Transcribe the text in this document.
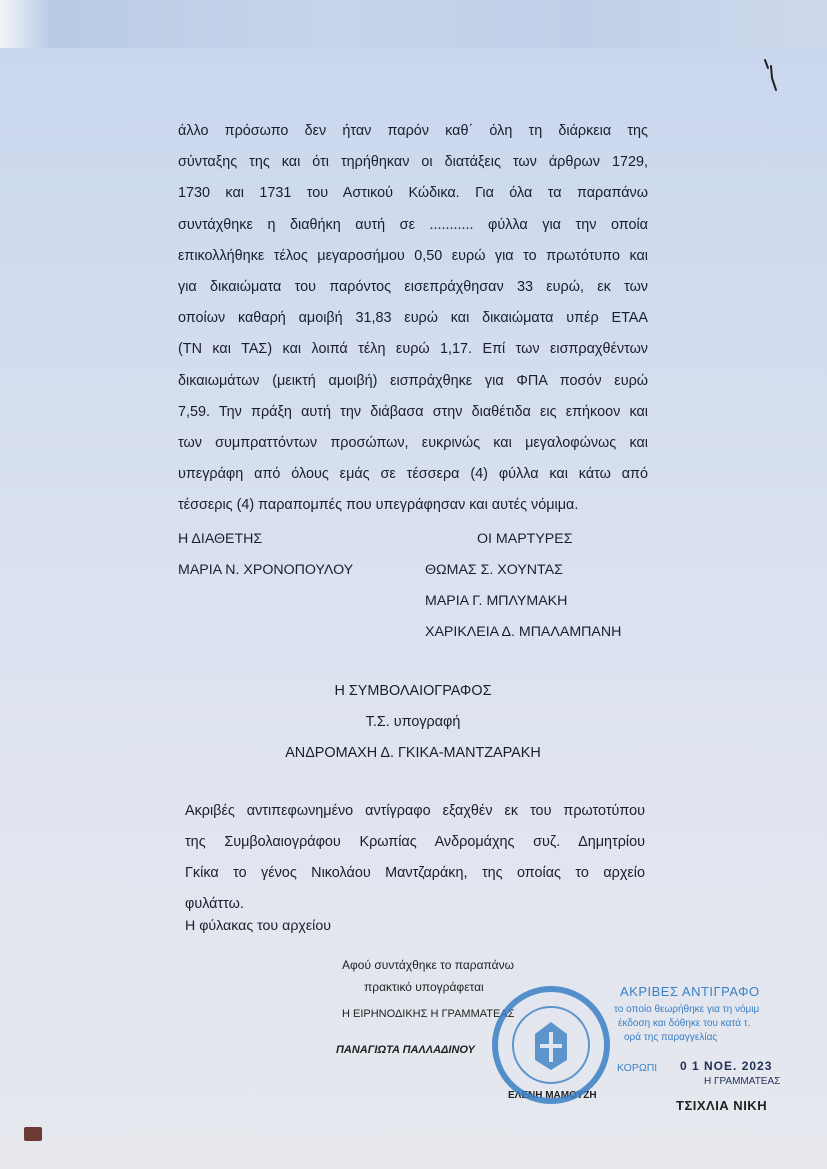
άλλο πρόσωπο δεν ήταν παρόν καθ΄ όλη τη διάρκεια της
σύνταξης της και ότι τηρήθηκαν οι διατάξεις των άρθρων 1729,
1730 και 1731 του Αστικού Κώδικα. Για όλα τα παραπάνω
συντάχθηκε η διαθήκη αυτή σε ........... φύλλα για την οποία
επικολλήθηκε τέλος μεγαροσήμου 0,50 ευρώ για το πρωτότυπο και
για δικαιώματα του παρόντος εισεπράχθησαν 33 ευρώ, εκ των
οποίων καθαρή αμοιβή 31,83 ευρώ και δικαιώματα υπέρ ΕΤΑΑ
(ΤΝ και ΤΑΣ) και λοιπά τέλη ευρώ 1,17. Επί των εισπραχθέντων
δικαιωμάτων (μεικτή αμοιβή) εισπράχθηκε για ΦΠΑ ποσόν ευρώ
7,59. Την πράξη αυτή την διάβασα στην διαθέτιδα εις επήκοον και
των συμπραττόντων προσώπων, ευκρινώς και μεγαλοφώνως και
υπεγράφη από όλους εμάς σε τέσσερα (4) φύλλα και κάτω από
τέσσερις (4) παραπομπές που υπεγράφησαν και αυτές νόμιμα.

Η ΔΙΑΘΕΤΗΣ	ΟΙ ΜΑΡΤΥΡΕΣ
ΜΑΡΙΑ Ν. ΧΡΟΝΟΠΟΥΛΟΥ	ΘΩΜΑΣ Σ. ΧΟΥΝΤΑΣ
ΜΑΡΙΑ Γ. ΜΠΛΥΜΑΚΗ
ΧΑΡΙΚΛΕΙΑ Δ. ΜΠΑΛΑΜΠΑΝΗ
Η ΣΥΜΒΟΛΑΙΟΓΡΑΦΟΣ
Τ.Σ. υπογραφή
ΑΝΔΡΟΜΑΧΗ Δ. ΓΚΙΚΑ-ΜΑΝΤΖΑΡΑΚΗ

Ακριβές αντιπεφωνημένο αντίγραφο εξαχθέν εκ του πρωτοτύπου
της Συμβολαιογράφου Κρωπίας Ανδρομάχης συζ. Δημητρίου
Γκίκα το γένος Νικολάου Μαντζαράκη, της οποίας το αρχείο
φυλάττω.

Η φύλακας του αρχείου
Αφού συντάχθηκε το παραπάνω
πρακτικό υπογράφεται
Η ΕΙΡΗΝΟΔΙΚΗΣ Η ΓΡΑΜΜΑΤΕΑΣ
ΠΑΝΑΓΙΩΤΑ ΠΑΛΛΑΔΙΝΟΥ
ΕΛΕΝΗ ΜΑΜΟΥΖΗ
ΑΚΡΙΒΕΣ ΑΝΤΙΓΡΑΦΟ
το οποίο θεωρήθηκε για τη νόμιμ
έκδοση και δόθηκε του κατά τ.
ορά της παραγγελίας
ΚΟΡΩΠΙ 0 1 ΝΟΕ. 2023
Η ΓΡΑΜΜΑΤΕΑΣ
ΤΣΙΧΛΙΑ ΝΙΚΗ
